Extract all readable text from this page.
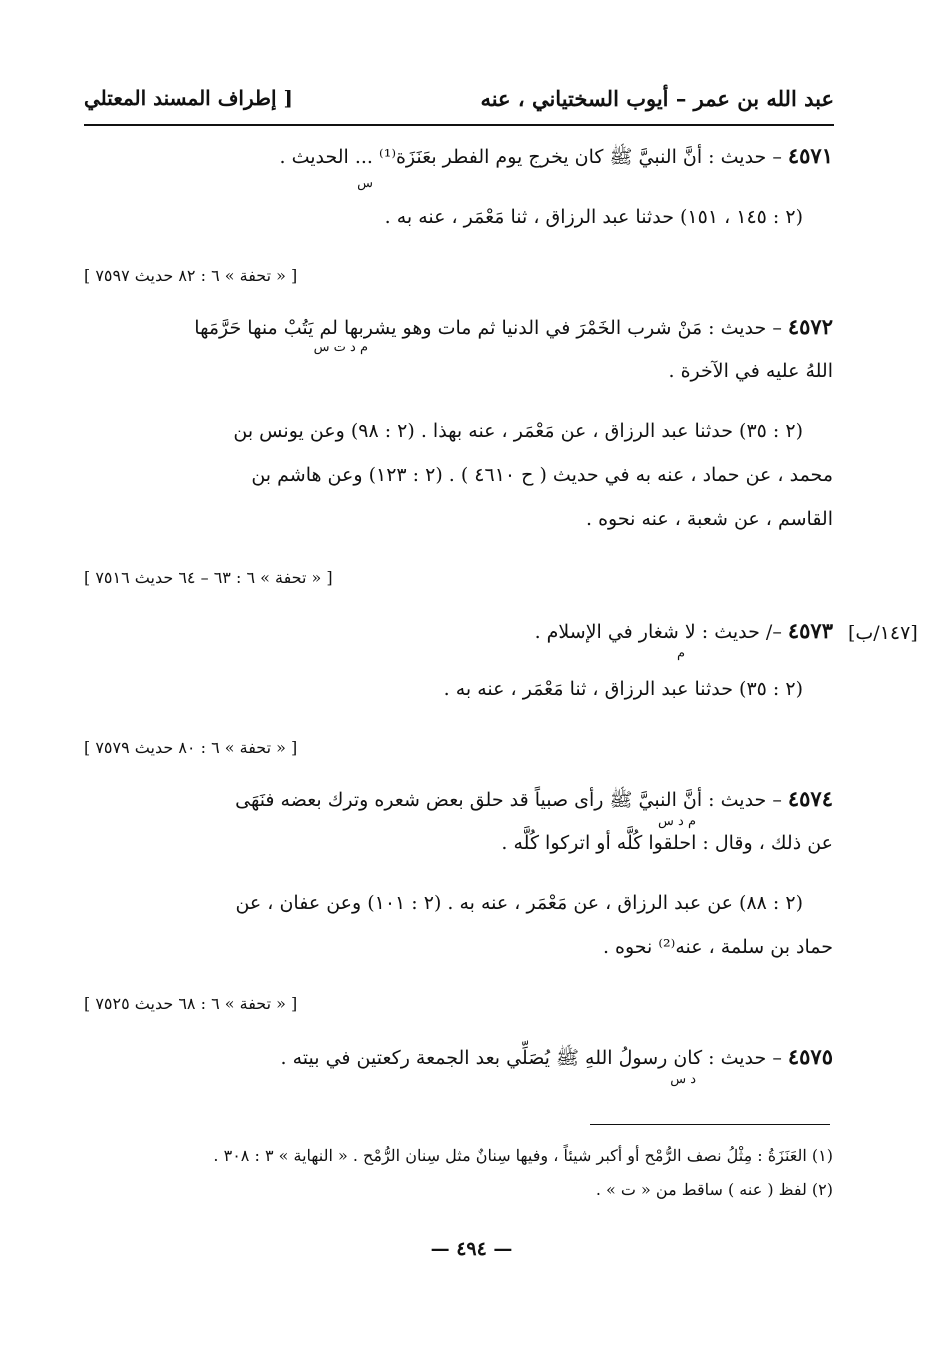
عبد الله بن عمر – أيوب السختياني ، عنه
[ إطراف المسند المعتلي
٤٥٧١ – حديث : أنَّ النبيَّ ﷺ كان يخرج يوم الفطر بعَنَزَة⁽¹⁾ ... الحديث .
س
(٢ : ١٤٥ ، ١٥١) حدثنا عبد الرزاق ، ثنا مَعْمَر ، عنه به .
[ « تحفة » ٦ : ٨٢ حديث ٧٥٩٧ ]
٤٥٧٢ – حديث : مَنْ شرب الخَمْرَ في الدنيا ثم مات وهو يشربها لم يَتُبْ منها حَرَّمَها
م د ت س
اللهُ عليه في الآخرة .
(٢ : ٣٥) حدثنا عبد الرزاق ، عن مَعْمَر ، عنه بهذا . (٢ : ٩٨) وعن يونس بن
محمد ، عن حماد ، عنه به في حديث ( ح ٤٦١٠ ) . (٢ : ١٢٣) وعن هاشم بن
القاسم ، عن شعبة ، عنه نحوه .
[ « تحفة » ٦ : ٦٣ – ٦٤ حديث ٧٥١٦ ]
[١٤٧/ب]
٤٥٧٣ –/ حديث : لا شغار في الإسلام .
م
(٢ : ٣٥) حدثنا عبد الرزاق ، ثنا مَعْمَر ، عنه به .
[ « تحفة » ٦ : ٨٠ حديث ٧٥٧٩ ]
٤٥٧٤ – حديث : أنَّ النبيَّ ﷺ رأى صبياً قد حلق بعض شعره وترك بعضه فنَهَى
م د س
عن ذلك ، وقال : احلقوا كُلَّه أو اتركوا كُلَّه .
(٢ : ٨٨) عن عبد الرزاق ، عن مَعْمَر ، عنه به . (٢ : ١٠١) وعن عفان ، عن
حماد بن سلمة ، عنه⁽²⁾ نحوه .
[ « تحفة » ٦ : ٦٨ حديث ٧٥٢٥ ]
٤٥٧٥ – حديث : كان رسولُ اللهِ ﷺ يُصَلِّي بعد الجمعة ركعتين في بيته .
د س
(١) العَنَزَةُ : مِثْلُ نصف الرُّمْح أو أكبر شيئاً ، وفيها سِنانٌ مثل سِنان الرُّمْح . « النهاية » ٣ : ٣٠٨ .
(٢) لفظ ( عنه ) ساقط من « ت » .
— ٤٩٤ —
